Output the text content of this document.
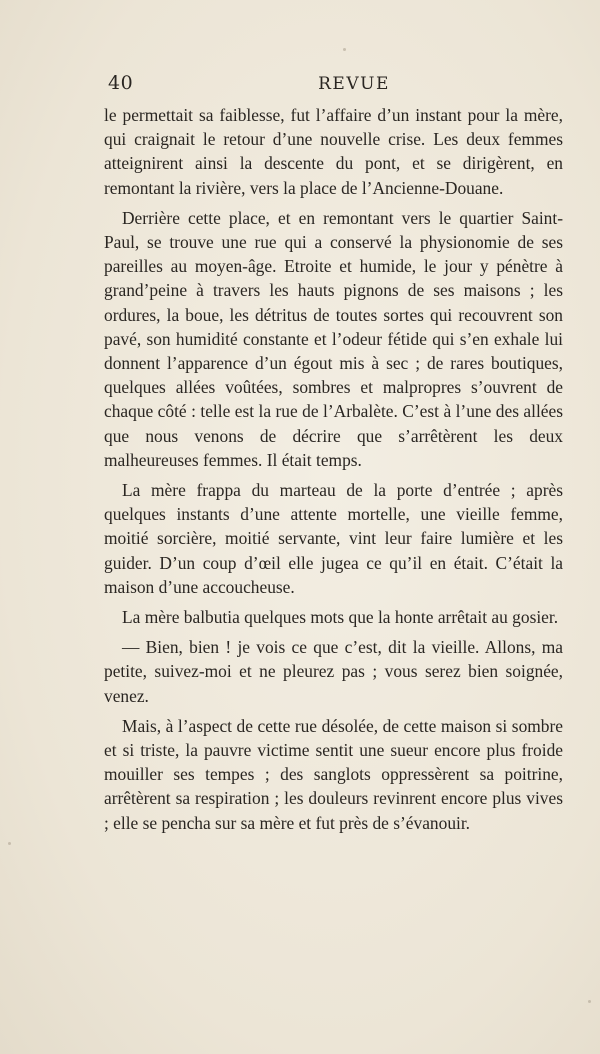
40	REVUE

le permettait sa faiblesse, fut l’affaire d’un instant pour la mère, qui craignait le retour d’une nouvelle crise. Les deux femmes atteignirent ainsi la descente du pont, et se dirigèrent, en remontant la rivière, vers la place de l’Ancienne-Douane.

Derrière cette place, et en remontant vers le quartier Saint-Paul, se trouve une rue qui a conservé la physionomie de ses pareilles au moyen-âge. Etroite et humide, le jour y pénètre à grand’peine à travers les hauts pignons de ses maisons ; les ordures, la boue, les détritus de toutes sortes qui recouvrent son pavé, son humidité constante et l’odeur fétide qui s’en exhale lui donnent l’apparence d’un égout mis à sec ; de rares boutiques, quelques allées voûtées, sombres et malpropres s’ouvrent de chaque côté : telle est la rue de l’Arbalète. C’est à l’une des allées que nous venons de décrire que s’arrêtèrent les deux malheureuses femmes. Il était temps.

La mère frappa du marteau de la porte d’entrée ; après quelques instants d’une attente mortelle, une vieille femme, moitié sorcière, moitié servante, vint leur faire lumière et les guider. D’un coup d’œil elle jugea ce qu’il en était. C’était la maison d’une accoucheuse.

La mère balbutia quelques mots que la honte arrêtait au gosier.

— Bien, bien ! je vois ce que c’est, dit la vieille. Allons, ma petite, suivez-moi et ne pleurez pas ; vous serez bien soignée, venez.

Mais, à l’aspect de cette rue désolée, de cette maison si sombre et si triste, la pauvre victime sentit une sueur encore plus froide mouiller ses tempes ; des sanglots oppressèrent sa poitrine, arrêtèrent sa respiration ; les douleurs revinrent encore plus vives ; elle se pencha sur sa mère et fut près de s’évanouir.
